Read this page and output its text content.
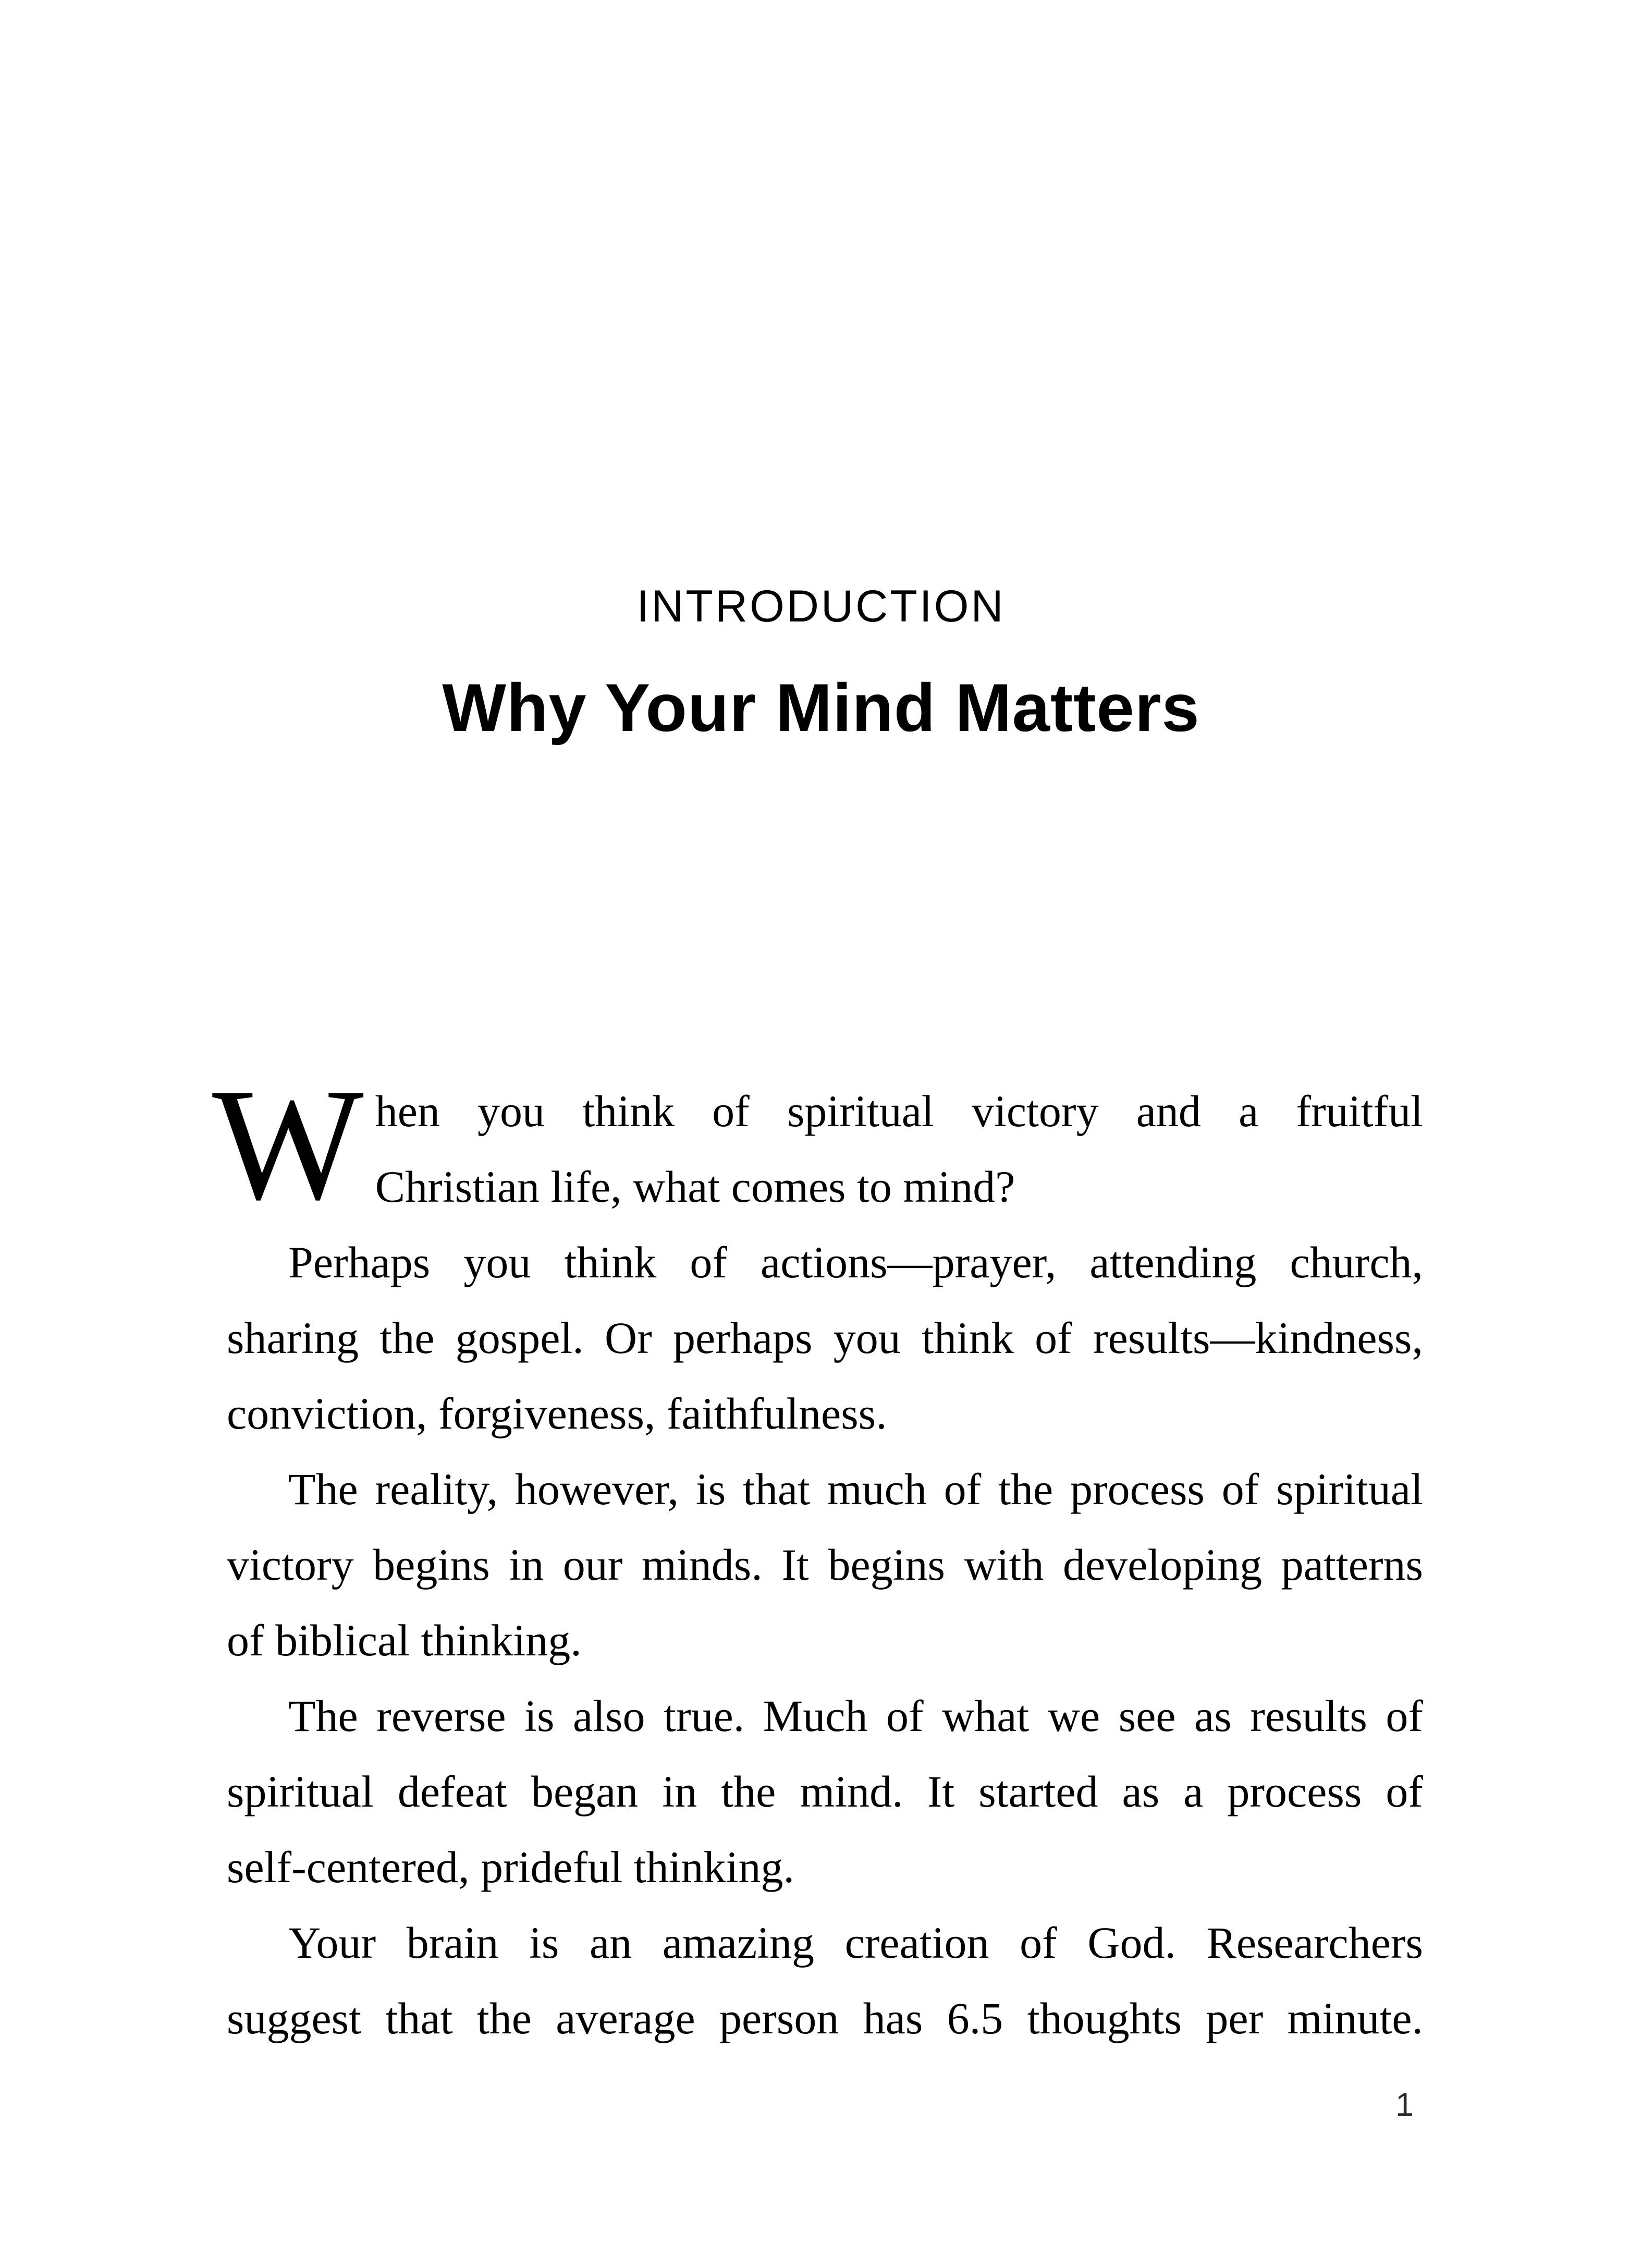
INTRODUCTION
Why Your Mind Matters
W hen you think of spiritual victory and a fruitful
Christian life, what comes to mind?
Perhaps you think of actions—prayer, attending church,
sharing the gospel. Or perhaps you think of results—kindness,
conviction, forgiveness, faithfulness.
The reality, however, is that much of the process of spiritual
victory begins in our minds. It begins with developing patterns
of biblical thinking.
The reverse is also true. Much of what we see as results of
spiritual defeat began in the mind. It started as a process of
self-centered, prideful thinking.
Your brain is an amazing creation of God. Researchers
suggest that the average person has 6.5 thoughts per minute.
1
